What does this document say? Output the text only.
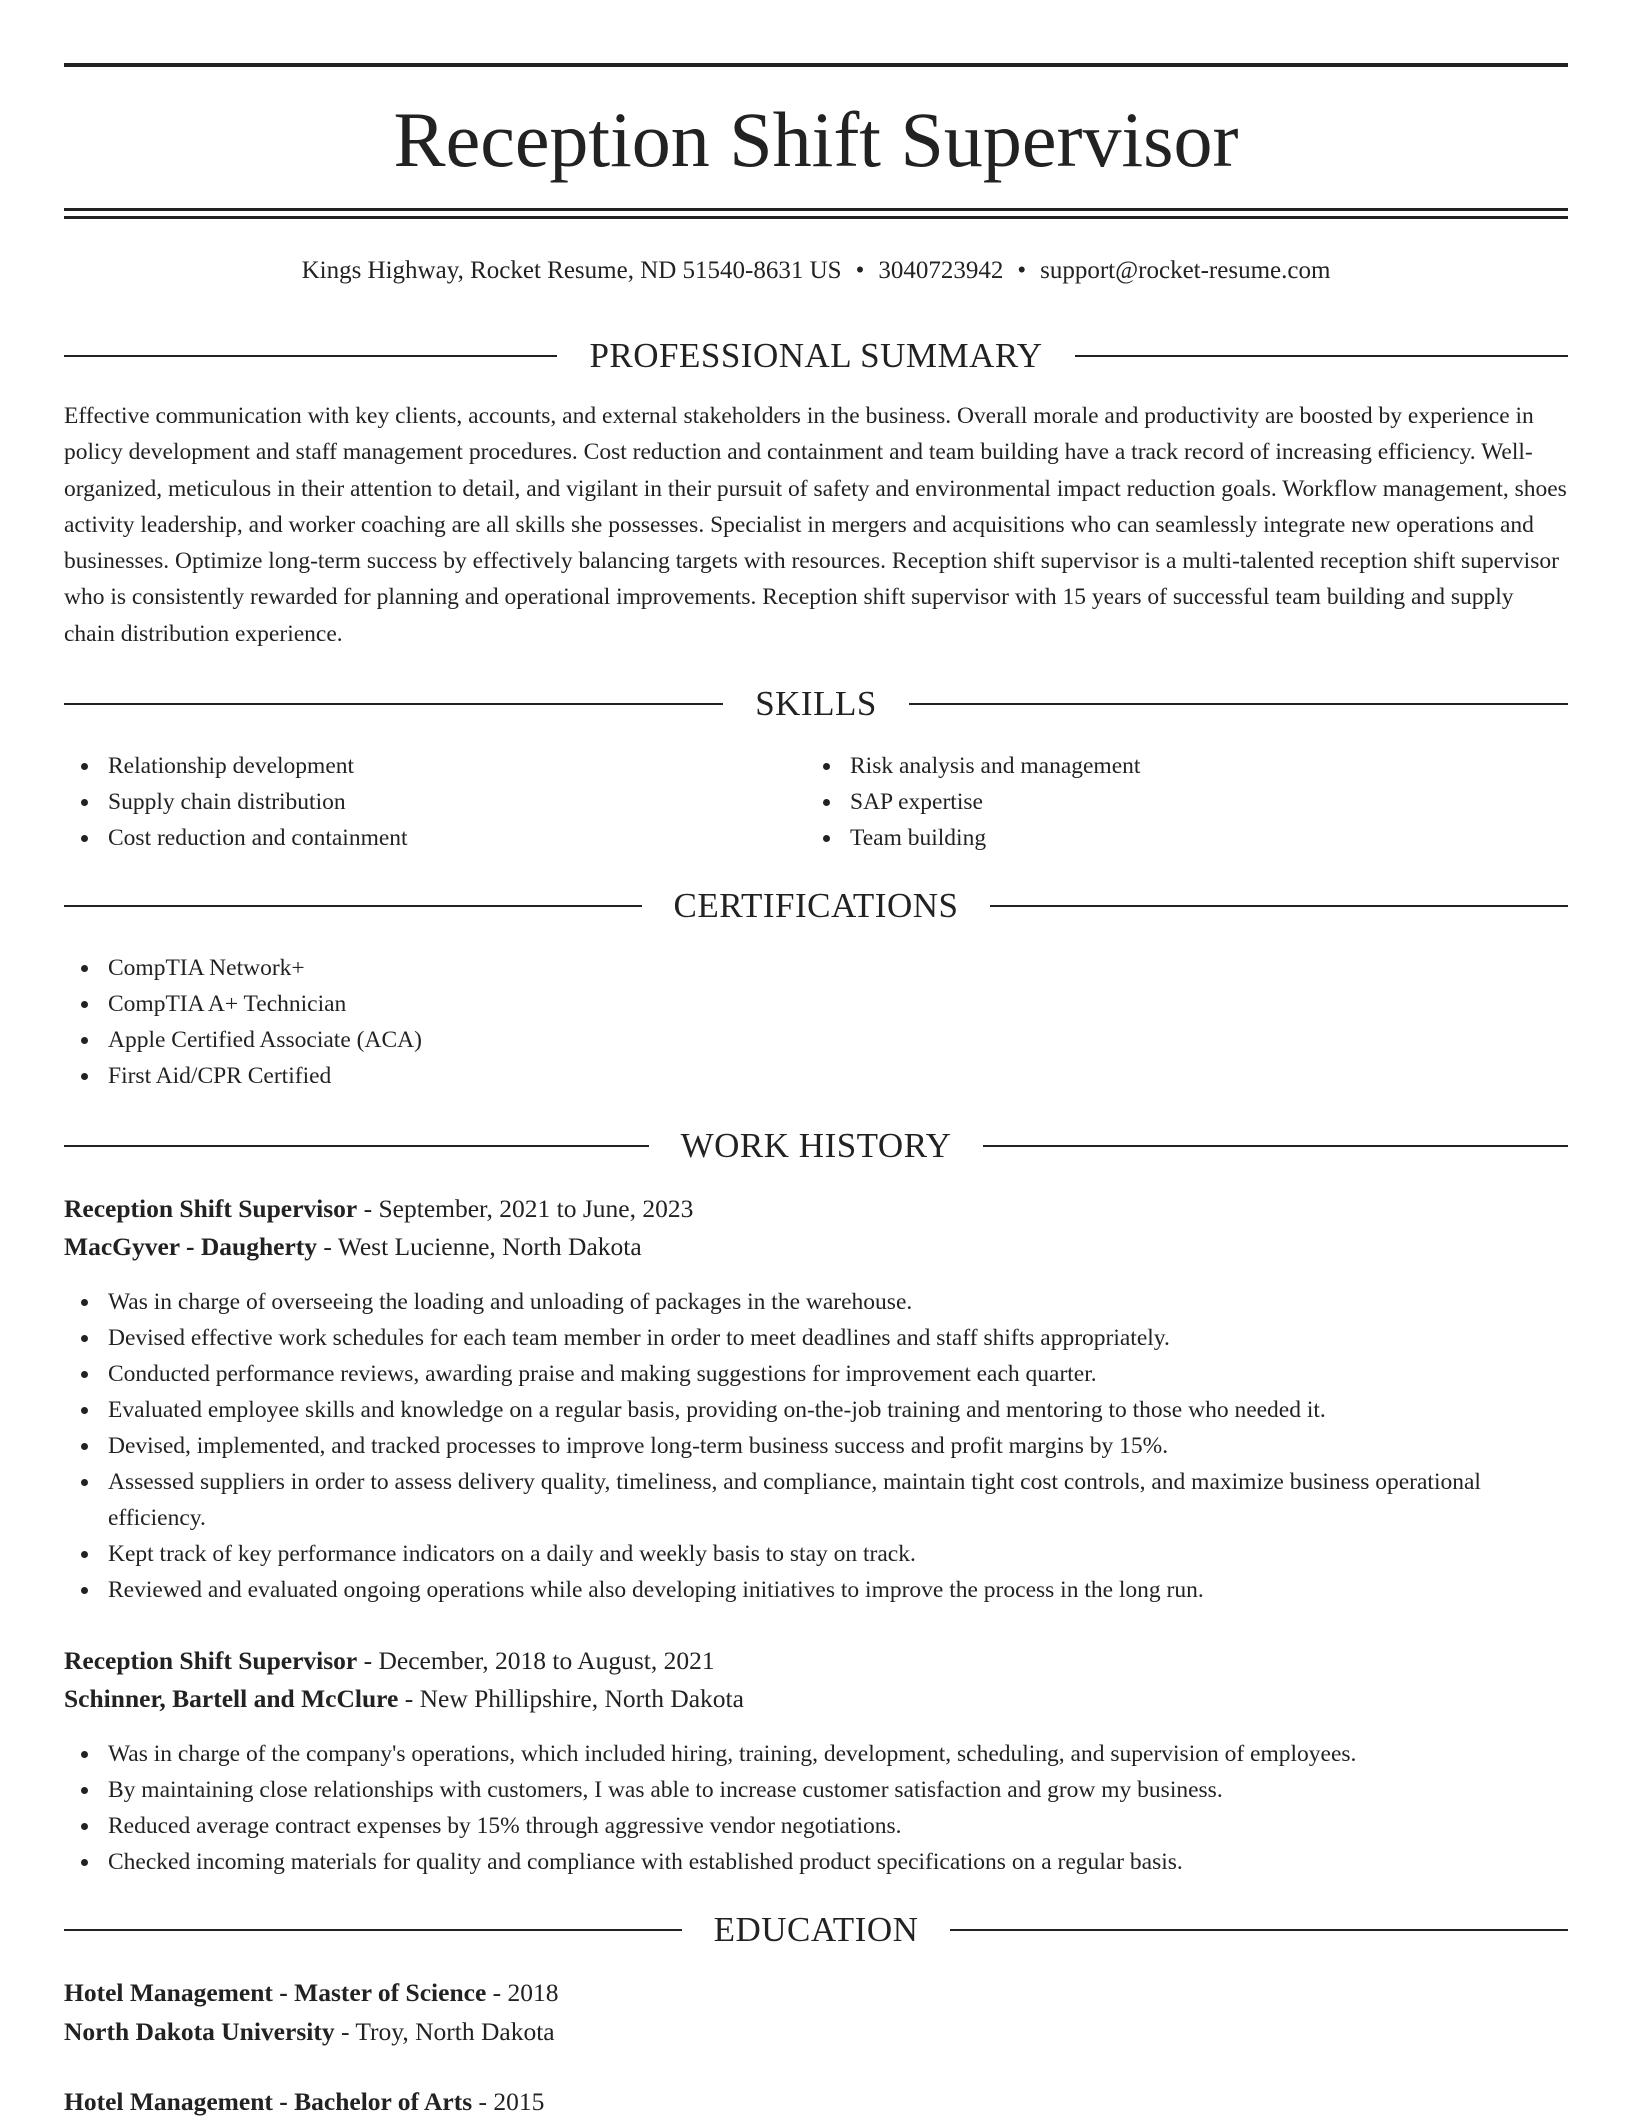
Reception Shift Supervisor
Kings Highway, Rocket Resume, ND 51540-8631 US • 3040723942 • support@rocket-resume.com
PROFESSIONAL SUMMARY

Effective communication with key clients, accounts, and external stakeholders in the business. Overall morale and productivity are boosted by experience in policy development and staff management procedures. Cost reduction and containment and team building have a track record of increasing efficiency. Well-organized, meticulous in their attention to detail, and vigilant in their pursuit of safety and environmental impact reduction goals. Workflow management, shoes activity leadership, and worker coaching are all skills she possesses. Specialist in mergers and acquisitions who can seamlessly integrate new operations and businesses. Optimize long-term success by effectively balancing targets with resources. Reception shift supervisor is a multi-talented reception shift supervisor who is consistently rewarded for planning and operational improvements. Reception shift supervisor with 15 years of successful team building and supply chain distribution experience.

SKILLS
Relationship development
Supply chain distribution
Cost reduction and containment
Risk analysis and management
SAP expertise
Team building
CERTIFICATIONS
CompTIA Network+
CompTIA A+ Technician
Apple Certified Associate (ACA)
First Aid/CPR Certified
WORK HISTORY
Reception Shift Supervisor - September, 2021 to June, 2023
MacGyver - Daugherty - West Lucienne, North Dakota
Was in charge of overseeing the loading and unloading of packages in the warehouse.
Devised effective work schedules for each team member in order to meet deadlines and staff shifts appropriately.
Conducted performance reviews, awarding praise and making suggestions for improvement each quarter.
Evaluated employee skills and knowledge on a regular basis, providing on-the-job training and mentoring to those who needed it.
Devised, implemented, and tracked processes to improve long-term business success and profit margins by 15%.
Assessed suppliers in order to assess delivery quality, timeliness, and compliance, maintain tight cost controls, and maximize business operational efficiency.
Kept track of key performance indicators on a daily and weekly basis to stay on track.
Reviewed and evaluated ongoing operations while also developing initiatives to improve the process in the long run.
Reception Shift Supervisor - December, 2018 to August, 2021
Schinner, Bartell and McClure - New Phillipshire, North Dakota
Was in charge of the company's operations, which included hiring, training, development, scheduling, and supervision of employees.
By maintaining close relationships with customers, I was able to increase customer satisfaction and grow my business.
Reduced average contract expenses by 15% through aggressive vendor negotiations.
Checked incoming materials for quality and compliance with established product specifications on a regular basis.
EDUCATION
Hotel Management - Master of Science - 2018
North Dakota University - Troy, North Dakota
Hotel Management - Bachelor of Arts - 2015
